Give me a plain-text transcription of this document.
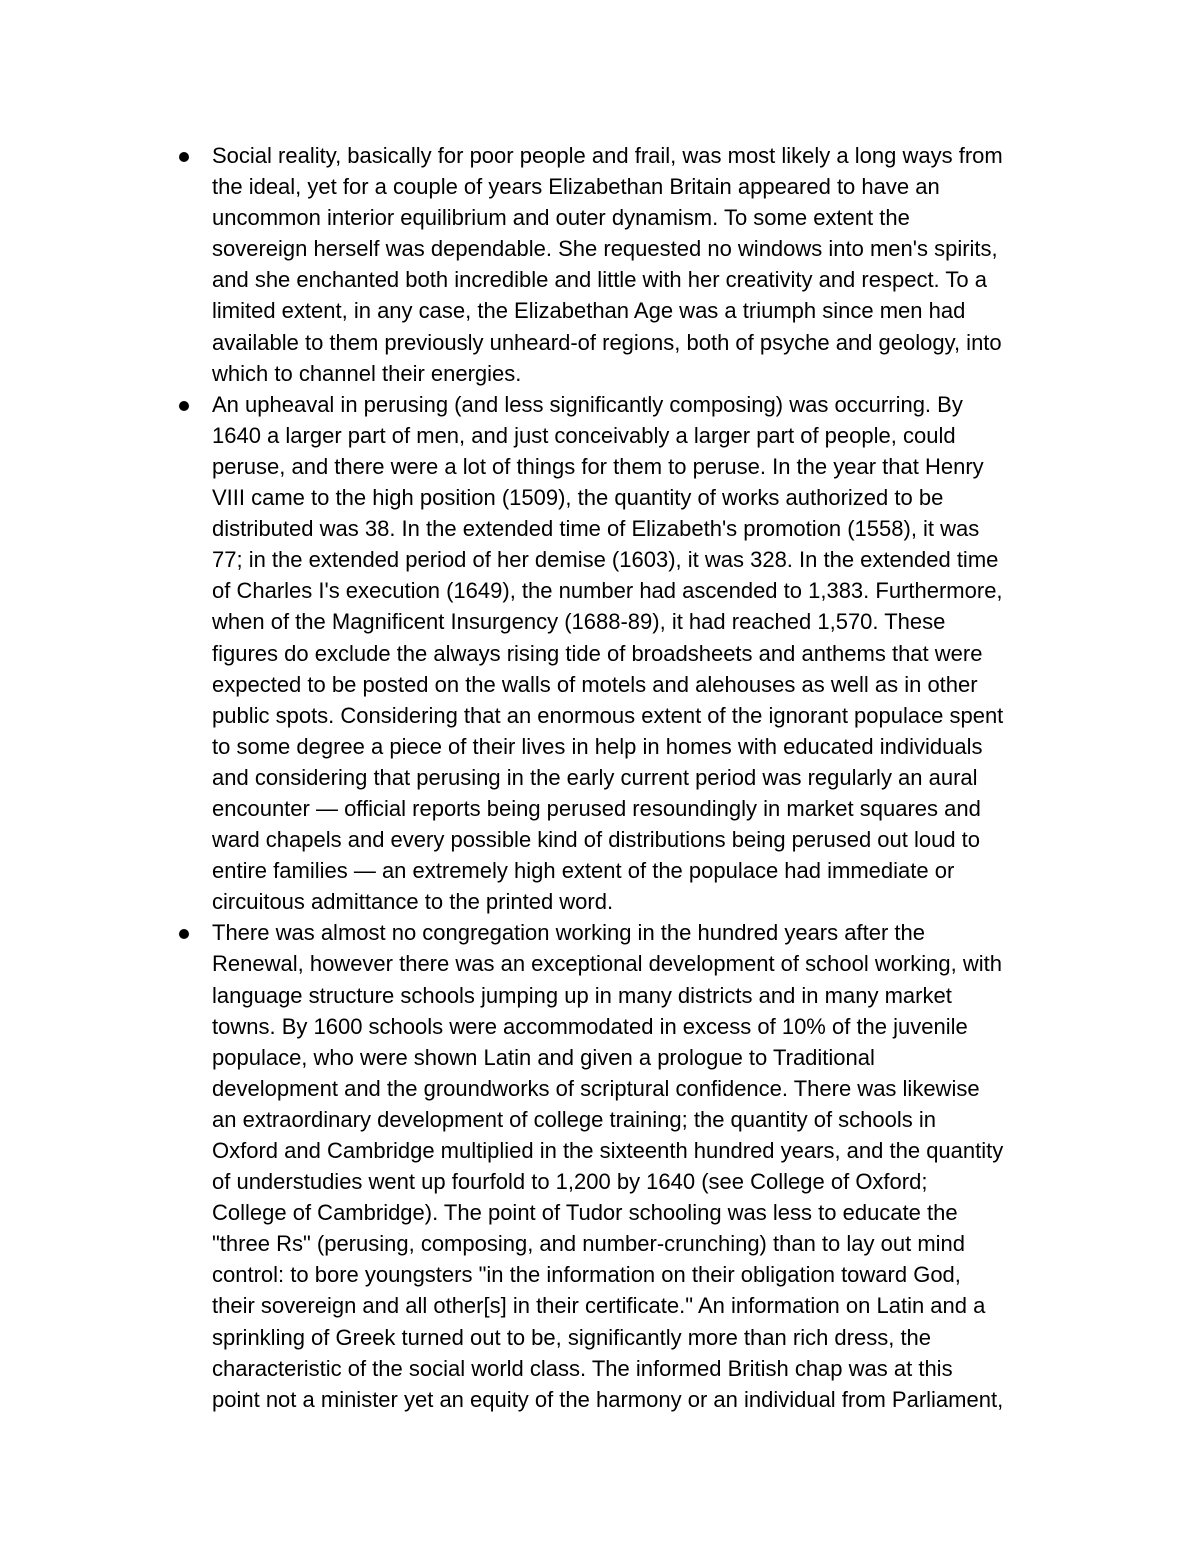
Social reality, basically for poor people and frail, was most likely a long ways from
the ideal, yet for a couple of years Elizabethan Britain appeared to have an
uncommon interior equilibrium and outer dynamism. To some extent the
sovereign herself was dependable. She requested no windows into men's spirits,
and she enchanted both incredible and little with her creativity and respect. To a
limited extent, in any case, the Elizabethan Age was a triumph since men had
available to them previously unheard-of regions, both of psyche and geology, into
which to channel their energies.
An upheaval in perusing (and less significantly composing) was occurring. By
1640 a larger part of men, and just conceivably a larger part of people, could
peruse, and there were a lot of things for them to peruse. In the year that Henry
VIII came to the high position (1509), the quantity of works authorized to be
distributed was 38. In the extended time of Elizabeth's promotion (1558), it was
77; in the extended period of her demise (1603), it was 328. In the extended time
of Charles I's execution (1649), the number had ascended to 1,383. Furthermore,
when of the Magnificent Insurgency (1688-89), it had reached 1,570. These
figures do exclude the always rising tide of broadsheets and anthems that were
expected to be posted on the walls of motels and alehouses as well as in other
public spots. Considering that an enormous extent of the ignorant populace spent
to some degree a piece of their lives in help in homes with educated individuals
and considering that perusing in the early current period was regularly an aural
encounter — official reports being perused resoundingly in market squares and
ward chapels and every possible kind of distributions being perused out loud to
entire families — an extremely high extent of the populace had immediate or
circuitous admittance to the printed word.
There was almost no congregation working in the hundred years after the
Renewal, however there was an exceptional development of school working, with
language structure schools jumping up in many districts and in many market
towns. By 1600 schools were accommodated in excess of 10% of the juvenile
populace, who were shown Latin and given a prologue to Traditional
development and the groundworks of scriptural confidence. There was likewise
an extraordinary development of college training; the quantity of schools in
Oxford and Cambridge multiplied in the sixteenth hundred years, and the quantity
of understudies went up fourfold to 1,200 by 1640 (see College of Oxford;
College of Cambridge). The point of Tudor schooling was less to educate the
"three Rs" (perusing, composing, and number-crunching) than to lay out mind
control: to bore youngsters "in the information on their obligation toward God,
their sovereign and all other[s] in their certificate." An information on Latin and a
sprinkling of Greek turned out to be, significantly more than rich dress, the
characteristic of the social world class. The informed British chap was at this
point not a minister yet an equity of the harmony or an individual from Parliament,
